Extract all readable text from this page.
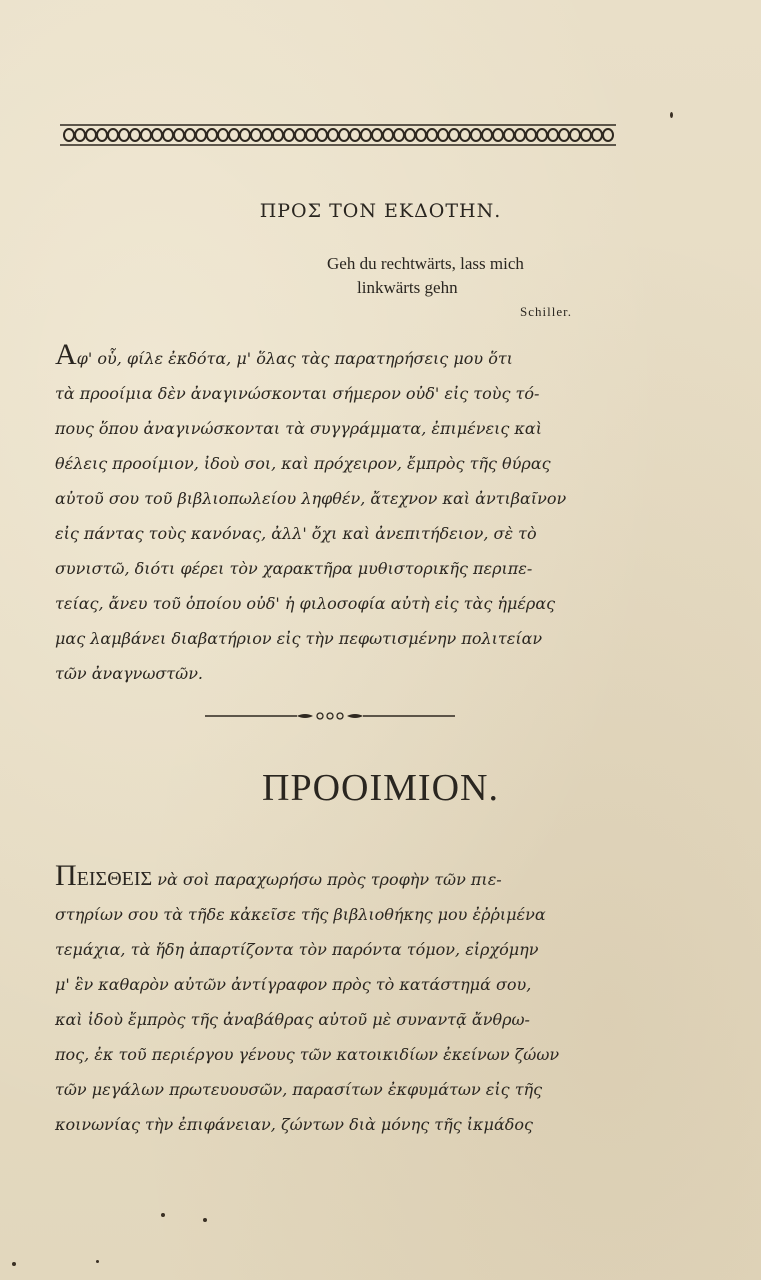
ΠΡΟΣ ΤΟΝ ΕΚΔΟΤΗΝ.
Geh du rechtwärts, lass mich
linkwärts gehn
Schiller.
Αφ' οὗ, φίλε ἐκδότα, μ' ὅλας τὰς παρατηρήσεις μου ὅτι
τὰ προοίμια δὲν ἀναγινώσκονται σήμερον οὐδ' εἰς τοὺς τό-
πους ὅπου ἀναγινώσκονται τὰ συγγράμματα, ἐπιμένεις καὶ
θέλεις προοίμιον, ἰδοὺ σοι, καὶ πρόχειρον, ἔμπρὸς τῆς θύρας
αὐτοῦ σου τοῦ βιβλιοπωλείου ληφθέν, ἄτεχνον καὶ ἀντιβαῖνον
εἰς πάντας τοὺς κανόνας, ἀλλ' ὄχι καὶ ἀνεπιτήδειον, σὲ τὸ
συνιστῶ, διότι φέρει τὸν χαρακτῆρα μυθιστορικῆς περιπε-
τείας, ἄνευ τοῦ ὁποίου οὐδ' ἡ φιλοσοφία αὐτὴ εἰς τὰς ἡμέρας
μας λαμβάνει διαβατήριον εἰς τὴν πεφωτισμένην πολιτείαν
τῶν ἀναγνωστῶν.
ΠΡΟΟΙΜΙΟΝ.
ΠΕΙΣΘΕΙΣ νὰ σοὶ παραχωρήσω πρὸς τροφὴν τῶν πιε-
στηρίων σου τὰ τῆδε κἀκεῖσε τῆς βιβλιοθήκης μου ἐῤῥιμένα
τεμάχια, τὰ ἤδη ἀπαρτίζοντα τὸν παρόντα τόμον, εἰρχόμην
μ' ἓν καθαρὸν αὐτῶν ἀντίγραφον πρὸς τὸ κατάστημά σου,
καὶ ἰδοὺ ἔμπρὸς τῆς ἀναβάθρας αὐτοῦ μὲ συναντᾷ ἄνθρω-
πος, ἐκ τοῦ περιέργου γένους τῶν κατοικιδίων ἐκείνων ζώων
τῶν μεγάλων πρωτευουσῶν, παρασίτων ἐκφυμάτων εἰς τῆς
κοινωνίας τὴν ἐπιφάνειαν, ζώντων διὰ μόνης τῆς ἰκμάδος
